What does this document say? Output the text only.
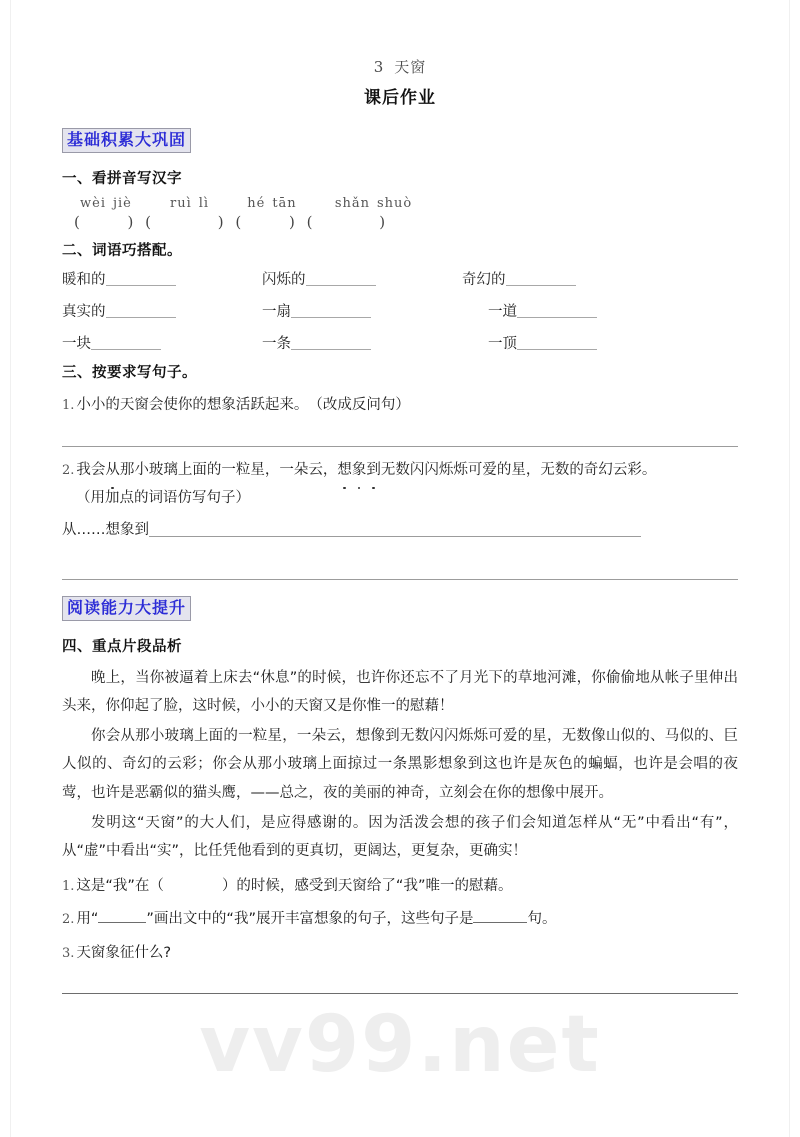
vv99.net
3 天窗
课后作业
基础积累大巩固
一、看拼音写汉字
wèi jiè	ruì lì	hé tān	shǎn shuò
(          ) (              ) (          ) (              )
二、词语巧搭配。
暖和的	闪烁的	奇幻的
真实的	一扇	一道
一块	一条	一顶
三、按要求写句子。
1. 小小的天窗会使你的想象活跃起来。　 （改成反问句）
2. 我会从那小玻璃上面的一粒星，一朵云，想象到无数闪闪烁烁可爱的星，无数的奇幻云彩。
（用加点的词语仿写句子）
从……想象到
阅读能力大提升
四、重点片段品析

晚上，当你被逼着上床去“休息”的时候，也许你还忘不了月光下的草地河滩，你偷偷地从帐子里伸出头来，你仰起了脸，这时候，小小的天窗又是你惟一的慰藉！

你会从那小玻璃上面的一粒星，一朵云，想像到无数闪闪烁烁可爱的星，无数像山似的、马似的、巨人似的、奇幻的云彩；你会从那小玻璃上面掠过一条黑影想象到这也许是灰色的蝙蝠，也许是会唱的夜莺，也许是恶霸似的猫头鹰，——总之，夜的美丽的神奇，立刻会在你的想像中展开。

发明这“天窗”的大人们，是应得感谢的。因为活泼会想的孩子们会知道怎样从“无”中看出“有”，从“虚”中看出“实”，比任凭他看到的更真切，更阔达，更复杂，更确实！

1. 这是“我”在（	）的时候，感受到天窗给了“我”唯一的慰藉。
2. 用“	”画出文中的“我”展开丰富想象的句子，这些句子是	句。
3. 天窗象征什么?
